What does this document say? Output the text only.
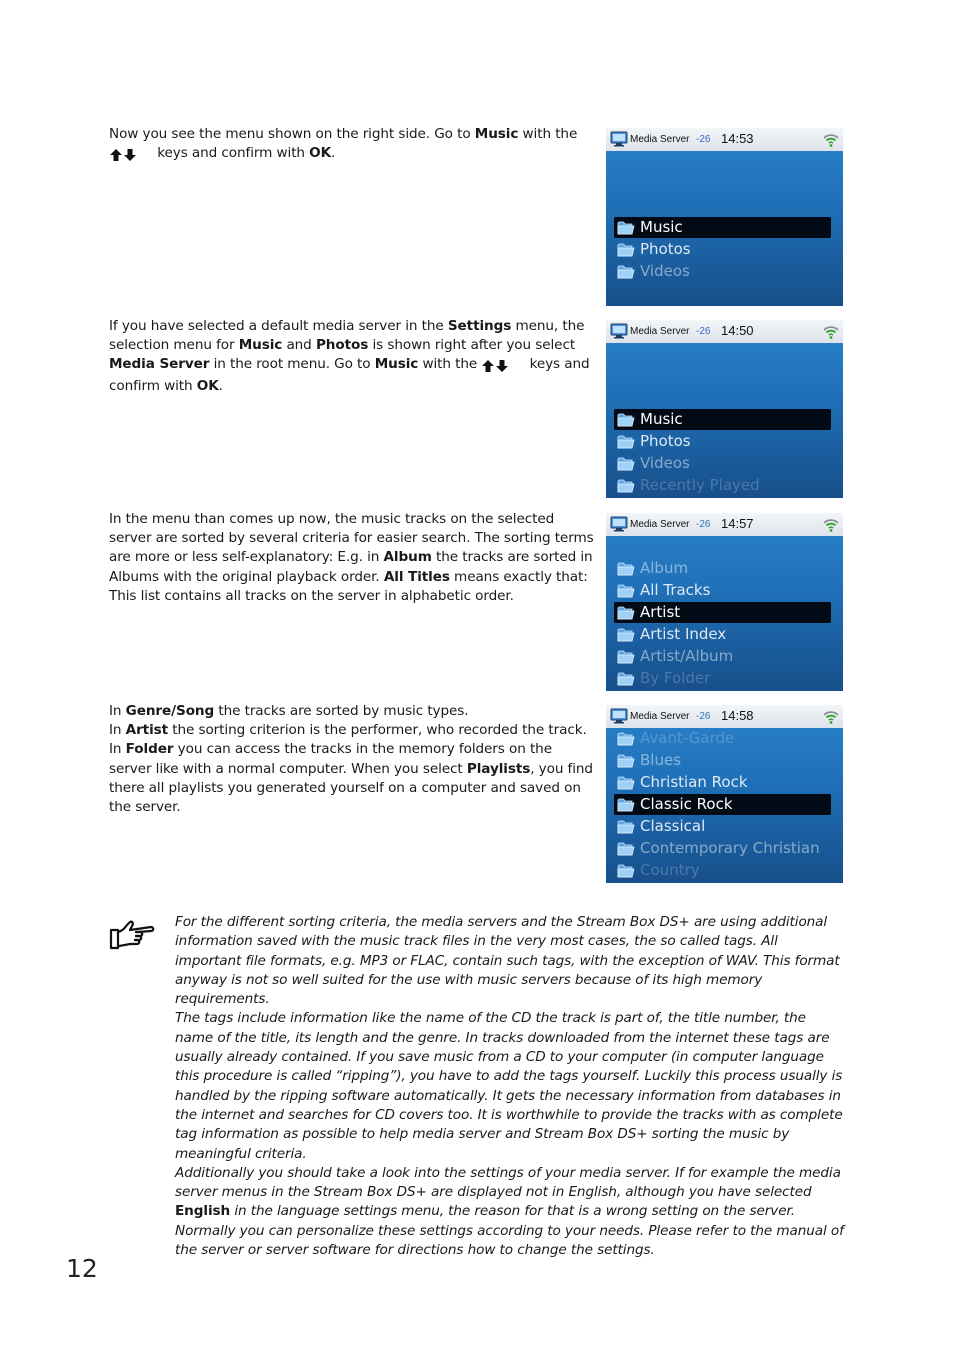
Now you see the menu shown on the right side. Go to Music with the
keys and confirm with OK.
If you have selected a default media server in the Settings menu, the selection menu for Music and Photos is shown right after you select Media Server in the root menu. Go to Music with the	keys and confirm with OK.
In the menu than comes up now, the music tracks on the selected server are sorted by several criteria for easier search. The sorting terms are more or less self-explanatory: E.g. in Album the tracks are sorted in Albums with the original playback order. All Titles means exactly that: This list contains all tracks on the server in alphabetic order.
In Genre/Song the tracks are sorted by music types.
In Artist the sorting criterion is the performer, who recorded the track.
In Folder you can access the tracks in the memory folders on the server like with a normal computer. When you select Playlists, you find there all playlists you generated yourself on a computer and saved on the server.
Media Server -26 14:53
Music
Photos
Videos
Media Server -26 14:50
Music
Photos
Videos
Recently Played
Media Server -26 14:57
Album
All Tracks
Artist
Artist Index
Artist/Album
By Folder
Media Server -26 14:58
Avant-Garde
Blues
Christian Rock
Classic Rock
Classical
Contemporary Christian
Country
For the different sorting criteria, the media servers and the Stream Box DS+ are using additional information saved with the music track files in the very most cases, the so called tags. All important file formats, e.g. MP3 or FLAC, contain such tags, with the exception of WAV. This format anyway is not so well suited for the use with music servers because of its high memory requirements.
The tags include information like the name of the CD the track is part of, the title number, the name of the title, its length and the genre. In tracks downloaded from the internet these tags are usually already contained. If you save music from a CD to your computer (in computer language this procedure is called “ripping”), you have to add the tags yourself. Luckily this process usually is handled by the ripping software automatically. It gets the necessary information from databases in the internet and searches for CD covers too. It is worthwhile to provide the tracks with as complete tag information as possible to help media server and Stream Box DS+ sorting the music by meaningful criteria.
Additionally you should take a look into the settings of your media server. If for example the media server menus in the Stream Box DS+ are displayed not in English, although you have selected English in the language settings menu, the reason for that is a wrong setting on the server. Normally you can personalize these settings according to your needs. Please refer to the manual of the server or server software for directions how to change the settings.
12
